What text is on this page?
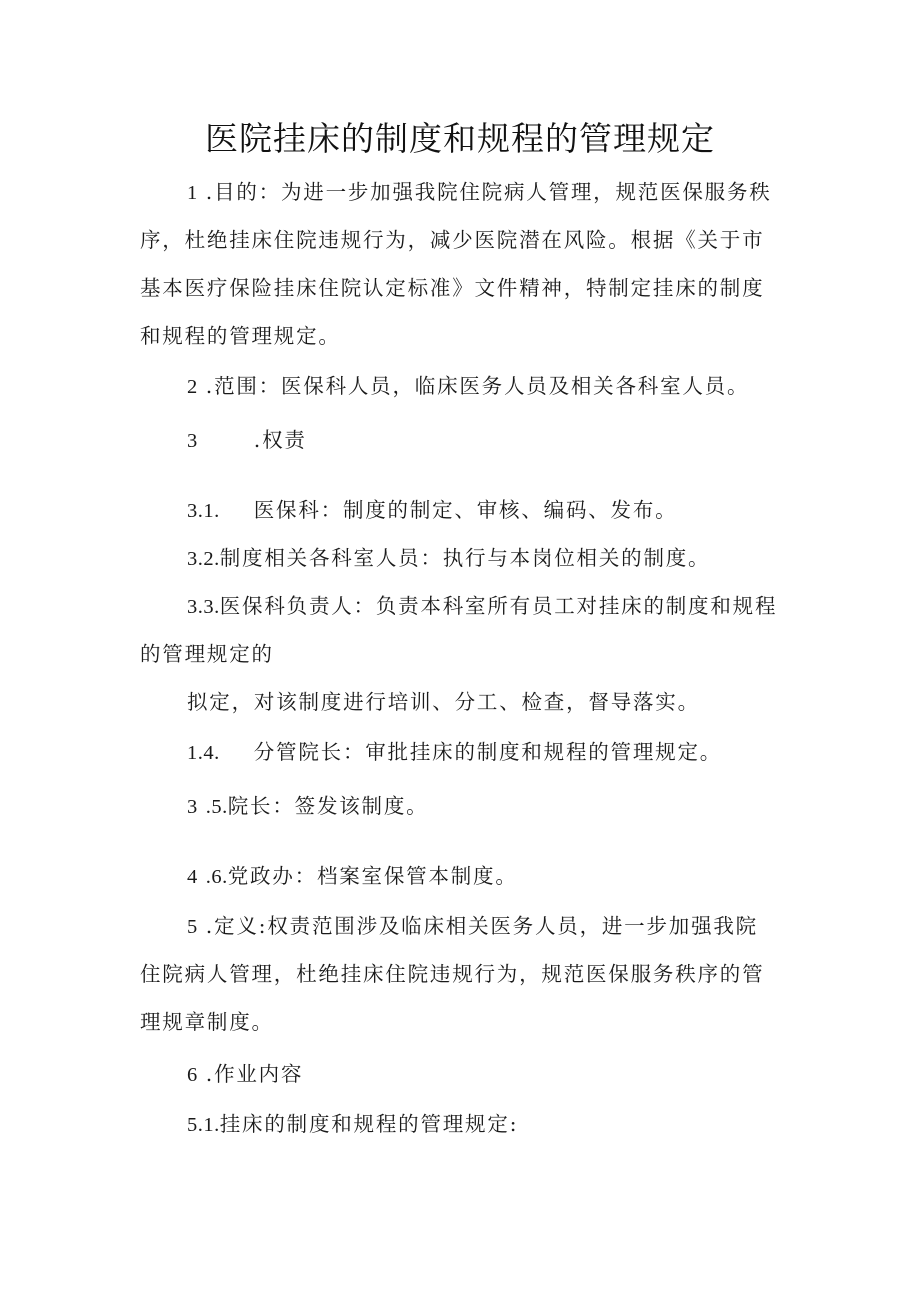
医院挂床的制度和规程的管理规定
1 .目的：为进一步加强我院住院病人管理，规范医保服务秩
序，杜绝挂床住院违规行为，减少医院潜在风险。根据《关于市
基本医疗保险挂床住院认定标准》文件精神，特制定挂床的制度
和规程的管理规定。
2 .范围：医保科人员，临床医务人员及相关各科室人员。
3	.权责
3.1. 医保科：制度的制定、审核、编码、发布。
3.2.制度相关各科室人员：执行与本岗位相关的制度。
3.3.医保科负责人：负责本科室所有员工对挂床的制度和规程
的管理规定的
拟定，对该制度进行培训、分工、检查，督导落实。
1.4. 分管院长：审批挂床的制度和规程的管理规定。
3 .5.院长：签发该制度。
4 .6.党政办：档案室保管本制度。
5 .定义:权责范围涉及临床相关医务人员，进一步加强我院
住院病人管理，杜绝挂床住院违规行为，规范医保服务秩序的管
理规章制度。
6 .作业内容
5.1.挂床的制度和规程的管理规定:
